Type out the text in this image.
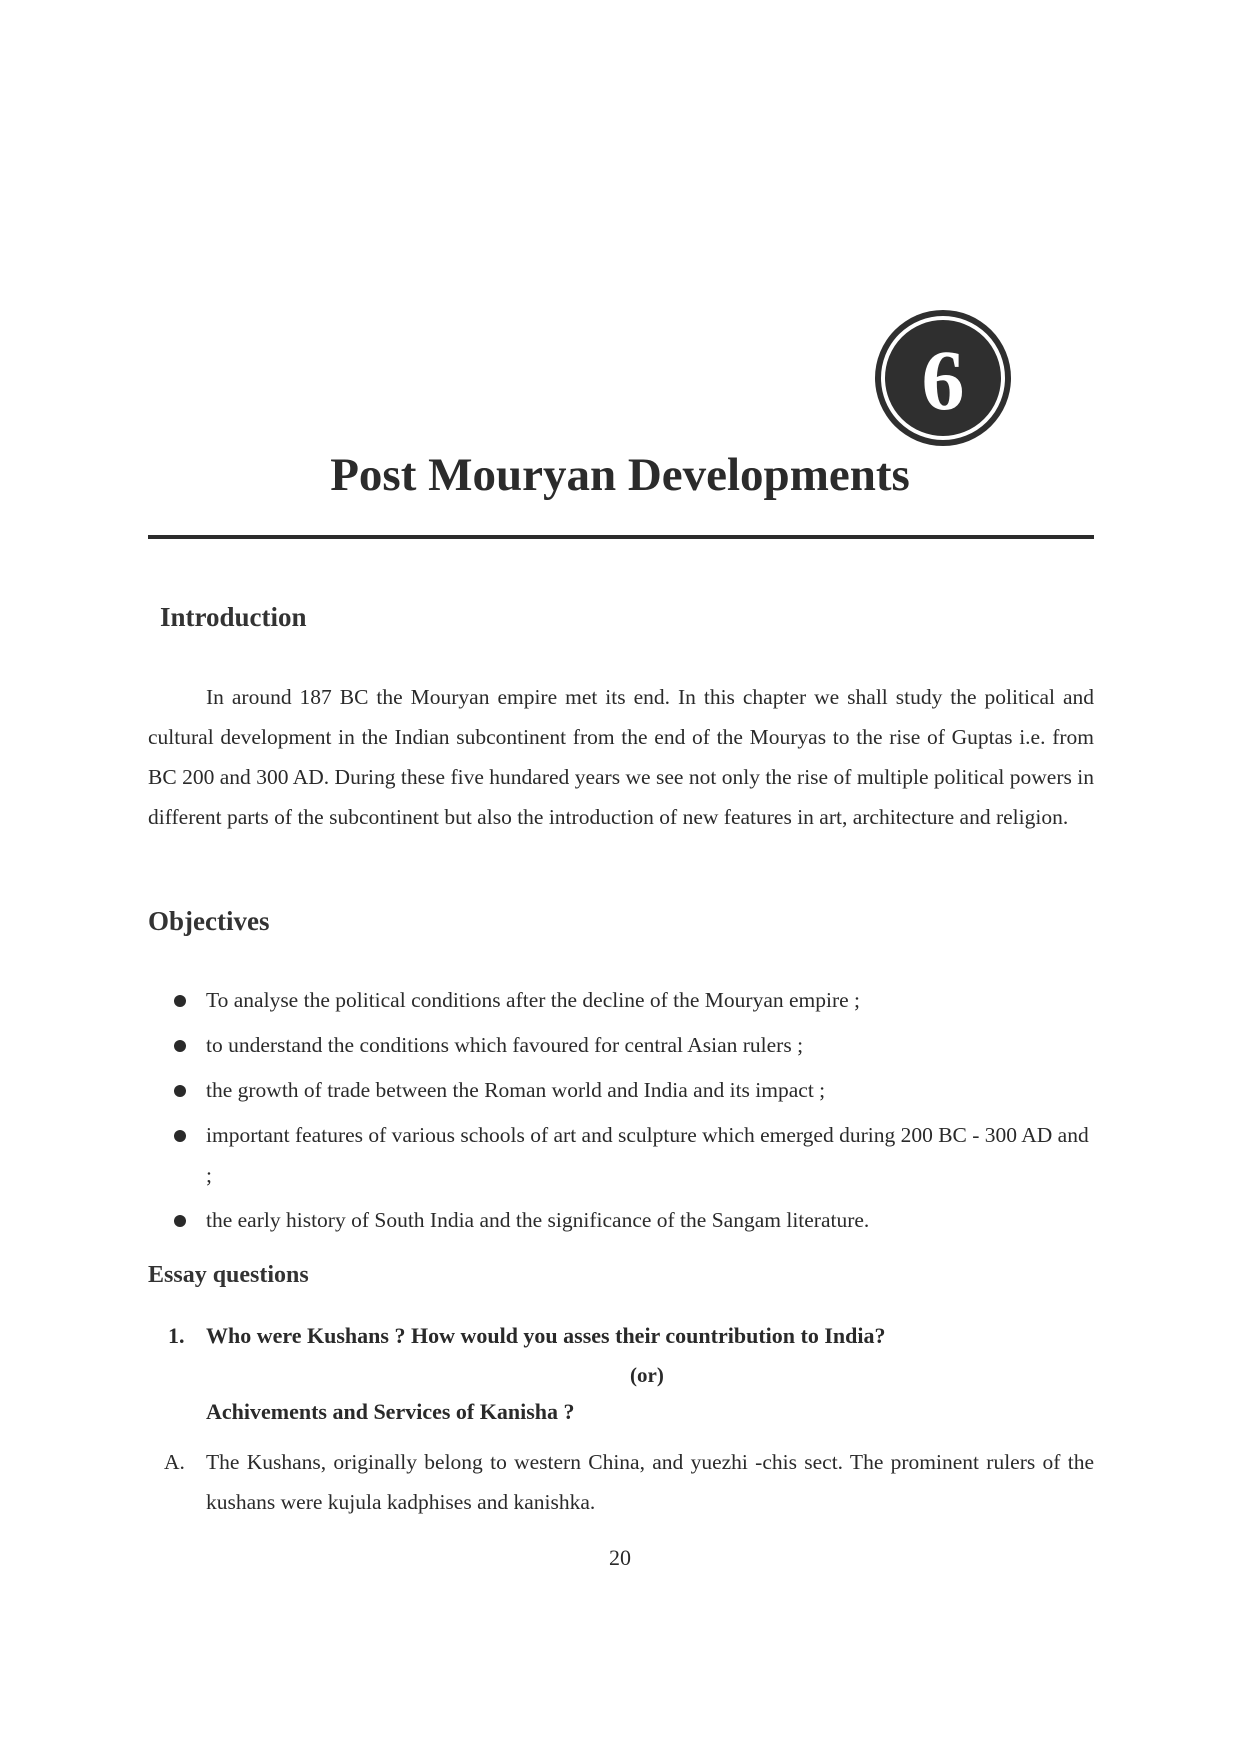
6
Post Mouryan Developments
Introduction

In around 187 BC the Mouryan empire met its end. In this chapter we shall study the political and cultural development in the Indian subcontinent from the end of the Mouryas to the rise of Guptas i.e. from BC 200 and 300 AD. During these five hundared years we see not only the rise of multiple political powers in different parts of the subcontinent but also the introduction of new features in art, architecture and religion.

Objectives
To analyse the political conditions after the decline of the Mouryan empire ;
to understand the conditions which favoured for central Asian rulers ;
the growth of trade between the Roman world and India and its impact ;
important features of various schools of art and sculpture which emerged during 200 BC - 300 AD and ;
the early history of South India and the significance of the Sangam literature.
Essay questions
1. Who were Kushans ? How would you asses their countribution to India?
(or)
Achivements and Services of Kanisha ?
A. The Kushans, originally belong to western China, and yuezhi -chis sect. The prominent rulers of the kushans were kujula kadphises and kanishka.
20
